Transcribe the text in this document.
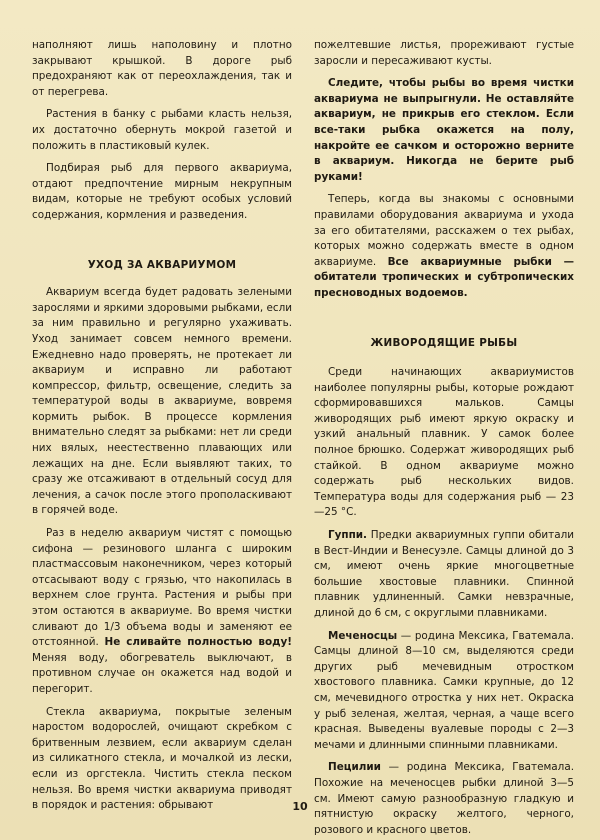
наполняют лишь наполовину и плотно закрывают крышкой. В дороге рыб предохраняют как от переохлаждения, так и от перегрева.

Растения в банку с рыбами класть нельзя, их достаточно обернуть мокрой газетой и положить в пластиковый кулек.

Подбирая рыб для первого аквариума, отдают предпочтение мирным некрупным видам, которые не требуют особых условий содержания, кормления и разведения.

УХОД ЗА АКВАРИУМОМ

Аквариум всегда будет радовать зелеными зарослями и яркими здоровыми рыбками, если за ним правильно и регулярно ухаживать. Уход занимает совсем немного времени. Ежедневно надо проверять, не протекает ли аквариум и исправно ли работают компрессор, фильтр, освещение, следить за температурой воды в аквариуме, вовремя кормить рыбок. В процессе кормления внимательно следят за рыбками: нет ли среди них вялых, неестественно плавающих или лежащих на дне. Если выявляют таких, то сразу же отсаживают в отдельный сосуд для лечения, а сачок после этого прополаскивают в горячей воде.

Раз в неделю аквариум чистят с помощью сифона — резинового шланга с широким пластмассовым наконечником, через который отсасывают воду с грязью, что накопилась в верхнем слое грунта. Растения и рыбы при этом остаются в аквариуме. Во время чистки сливают до 1/3 объема воды и заменяют ее отстоянной. Не сливайте полностью воду! Меняя воду, обогреватель выключают, в противном случае он окажется над водой и перегорит.

Стекла аквариума, покрытые зеленым наростом водорослей, очищают скребком с бритвенным лезвием, если аквариум сделан из силикатного стекла, и мочалкой из лески, если из оргстекла. Чистить стекла песком нельзя. Во время чистки аквариума приводят в порядок и растения: обрывают

пожелтевшие листья, прореживают густые заросли и пересаживают кусты.

Следите, чтобы рыбы во время чистки аквариума не выпрыгнули. Не оставляйте аквариум, не прикрыв его стеклом. Если все-таки рыбка окажется на полу, накройте ее сачком и осторожно верните в аквариум. Никогда не берите рыб руками!

Теперь, когда вы знакомы с основными правилами оборудования аквариума и ухода за его обитателями, расскажем о тех рыбах, которых можно содержать вместе в одном аквариуме. Все аквариумные рыбки — обитатели тропических и субтропических пресноводных водоемов.

ЖИВОРОДЯЩИЕ РЫБЫ

Среди начинающих аквариумистов наиболее популярны рыбы, которые рождают сформировавшихся мальков. Самцы живородящих рыб имеют яркую окраску и узкий анальный плавник. У самок более полное брюшко. Содержат живородящих рыб стайкой. В одном аквариуме можно содержать рыб нескольких видов. Температура воды для содержания рыб — 23—25 °С.

Гуппи. Предки аквариумных гуппи обитали в Вест-Индии и Венесуэле. Самцы длиной до 3 см, имеют очень яркие многоцветные большие хвостовые плавники. Спинной плавник удлиненный. Самки невзрачные, длиной до 6 см, с округлыми плавниками.

Меченосцы — родина Мексика, Гватемала. Самцы длиной 8—10 см, выделяются среди других рыб мечевидным отростком хвостового плавника. Самки крупные, до 12 см, мечевидного отростка у них нет. Окраска у рыб зеленая, желтая, черная, а чаще всего красная. Выведены вуалевые породы с 2—3 мечами и длинными спинными плавниками.

Пецилии — родина Мексика, Гватемала. Похожие на меченосцев рыбки длиной 3—5 см. Имеют самую разнообразную гладкую и пятнистую окраску желтого, черного, розового и красного цветов.

10
